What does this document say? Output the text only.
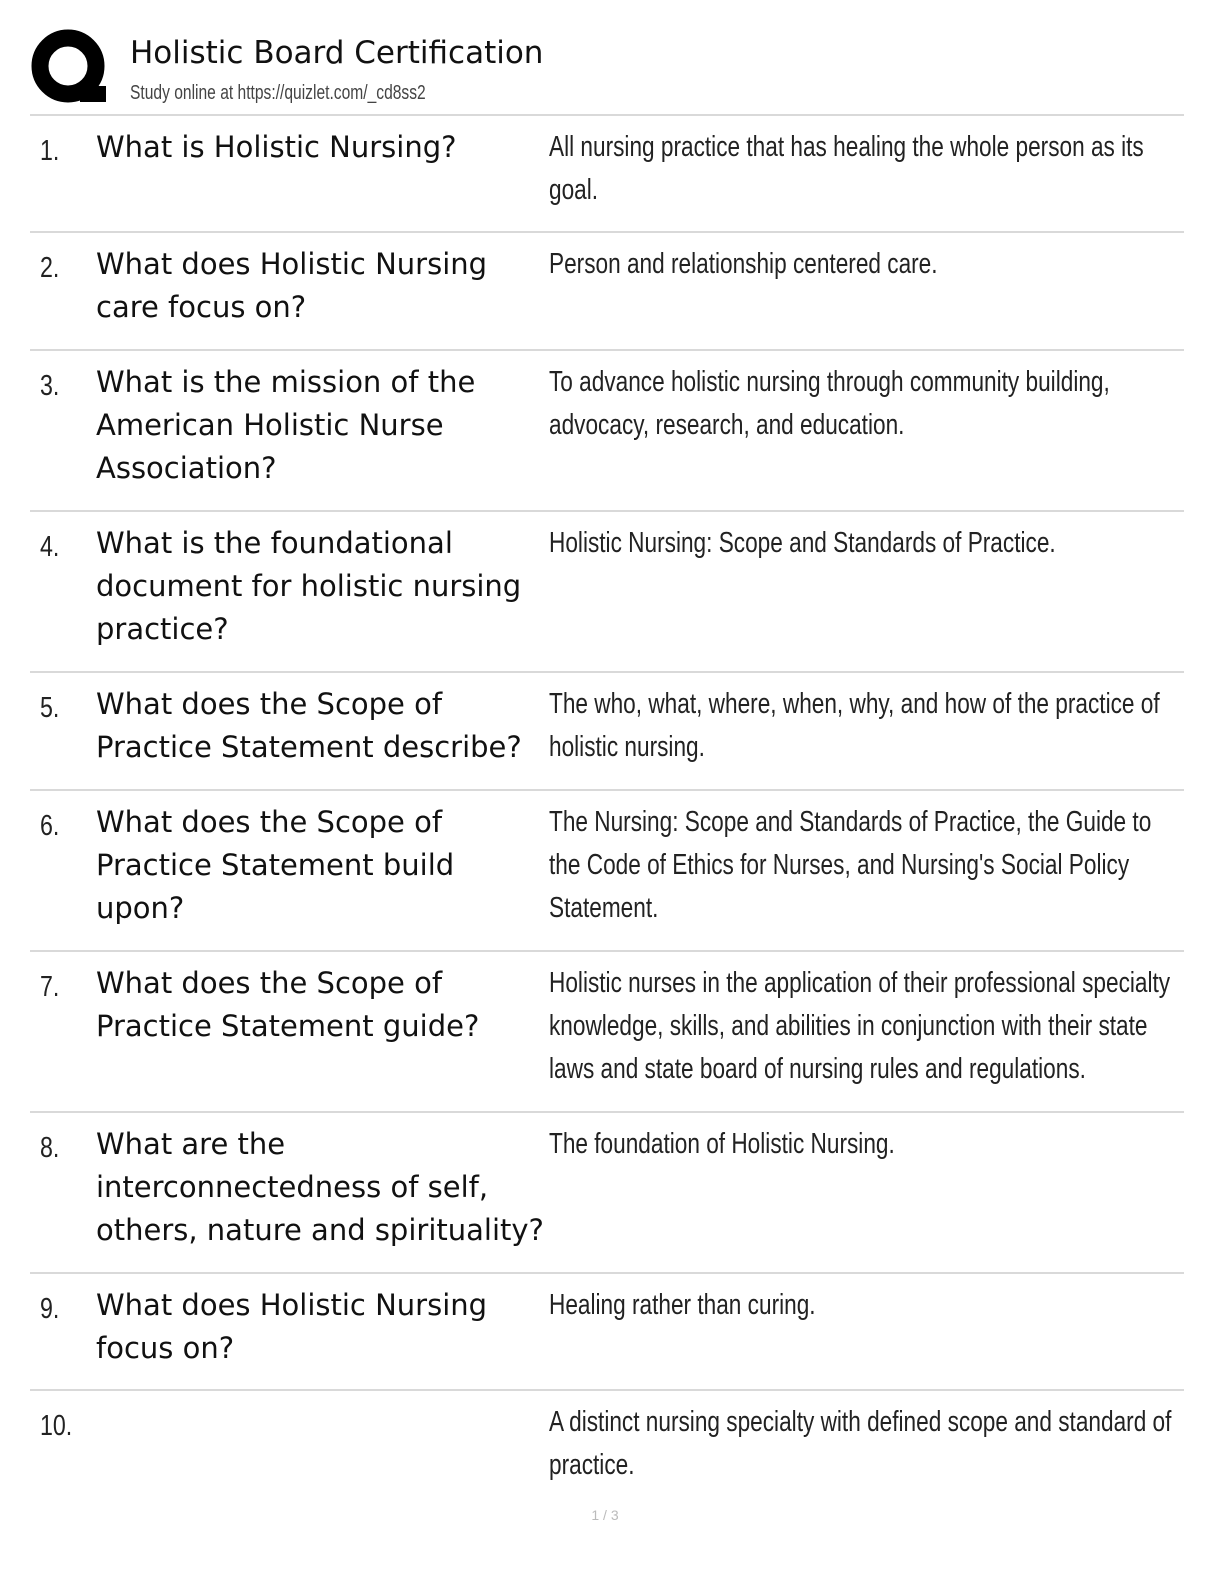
Holistic Board Certification
Study online at https://quizlet.com/_cd8ss2
1. What is Holistic Nursing?	All nursing practice that has healing the whole person as its goal.
2. What does Holistic Nursing care focus on?
Person and relationship centered care.
3. What is the mission of the American Holistic Nurse Association?
To advance holistic nursing through community building, advocacy, research, and education.
4. What is the foundational document for holistic nursing practice?
Holistic Nursing: Scope and Standards of Practice.
5. What does the Scope of Practice Statement describe?
The who, what, where, when, why, and how of the practice of holistic nursing.
6. What does the Scope of Practice Statement build upon?
The Nursing: Scope and Standards of Practice, the Guide to the Code of Ethics for Nurses, and Nursing's Social Policy Statement.
7. What does the Scope of Practice Statement guide?
Holistic nurses in the application of their professional specialty knowledge, skills, and abilities in conjunction with their state laws and state board of nursing rules and regulations.
8. What are the interconnectedness of self, others, nature and spirituality?
The foundation of Holistic Nursing.
9. What does Holistic Nursing focus on?
Healing rather than curing.
10.	A distinct nursing specialty with defined scope and standard of practice.
1 / 3
